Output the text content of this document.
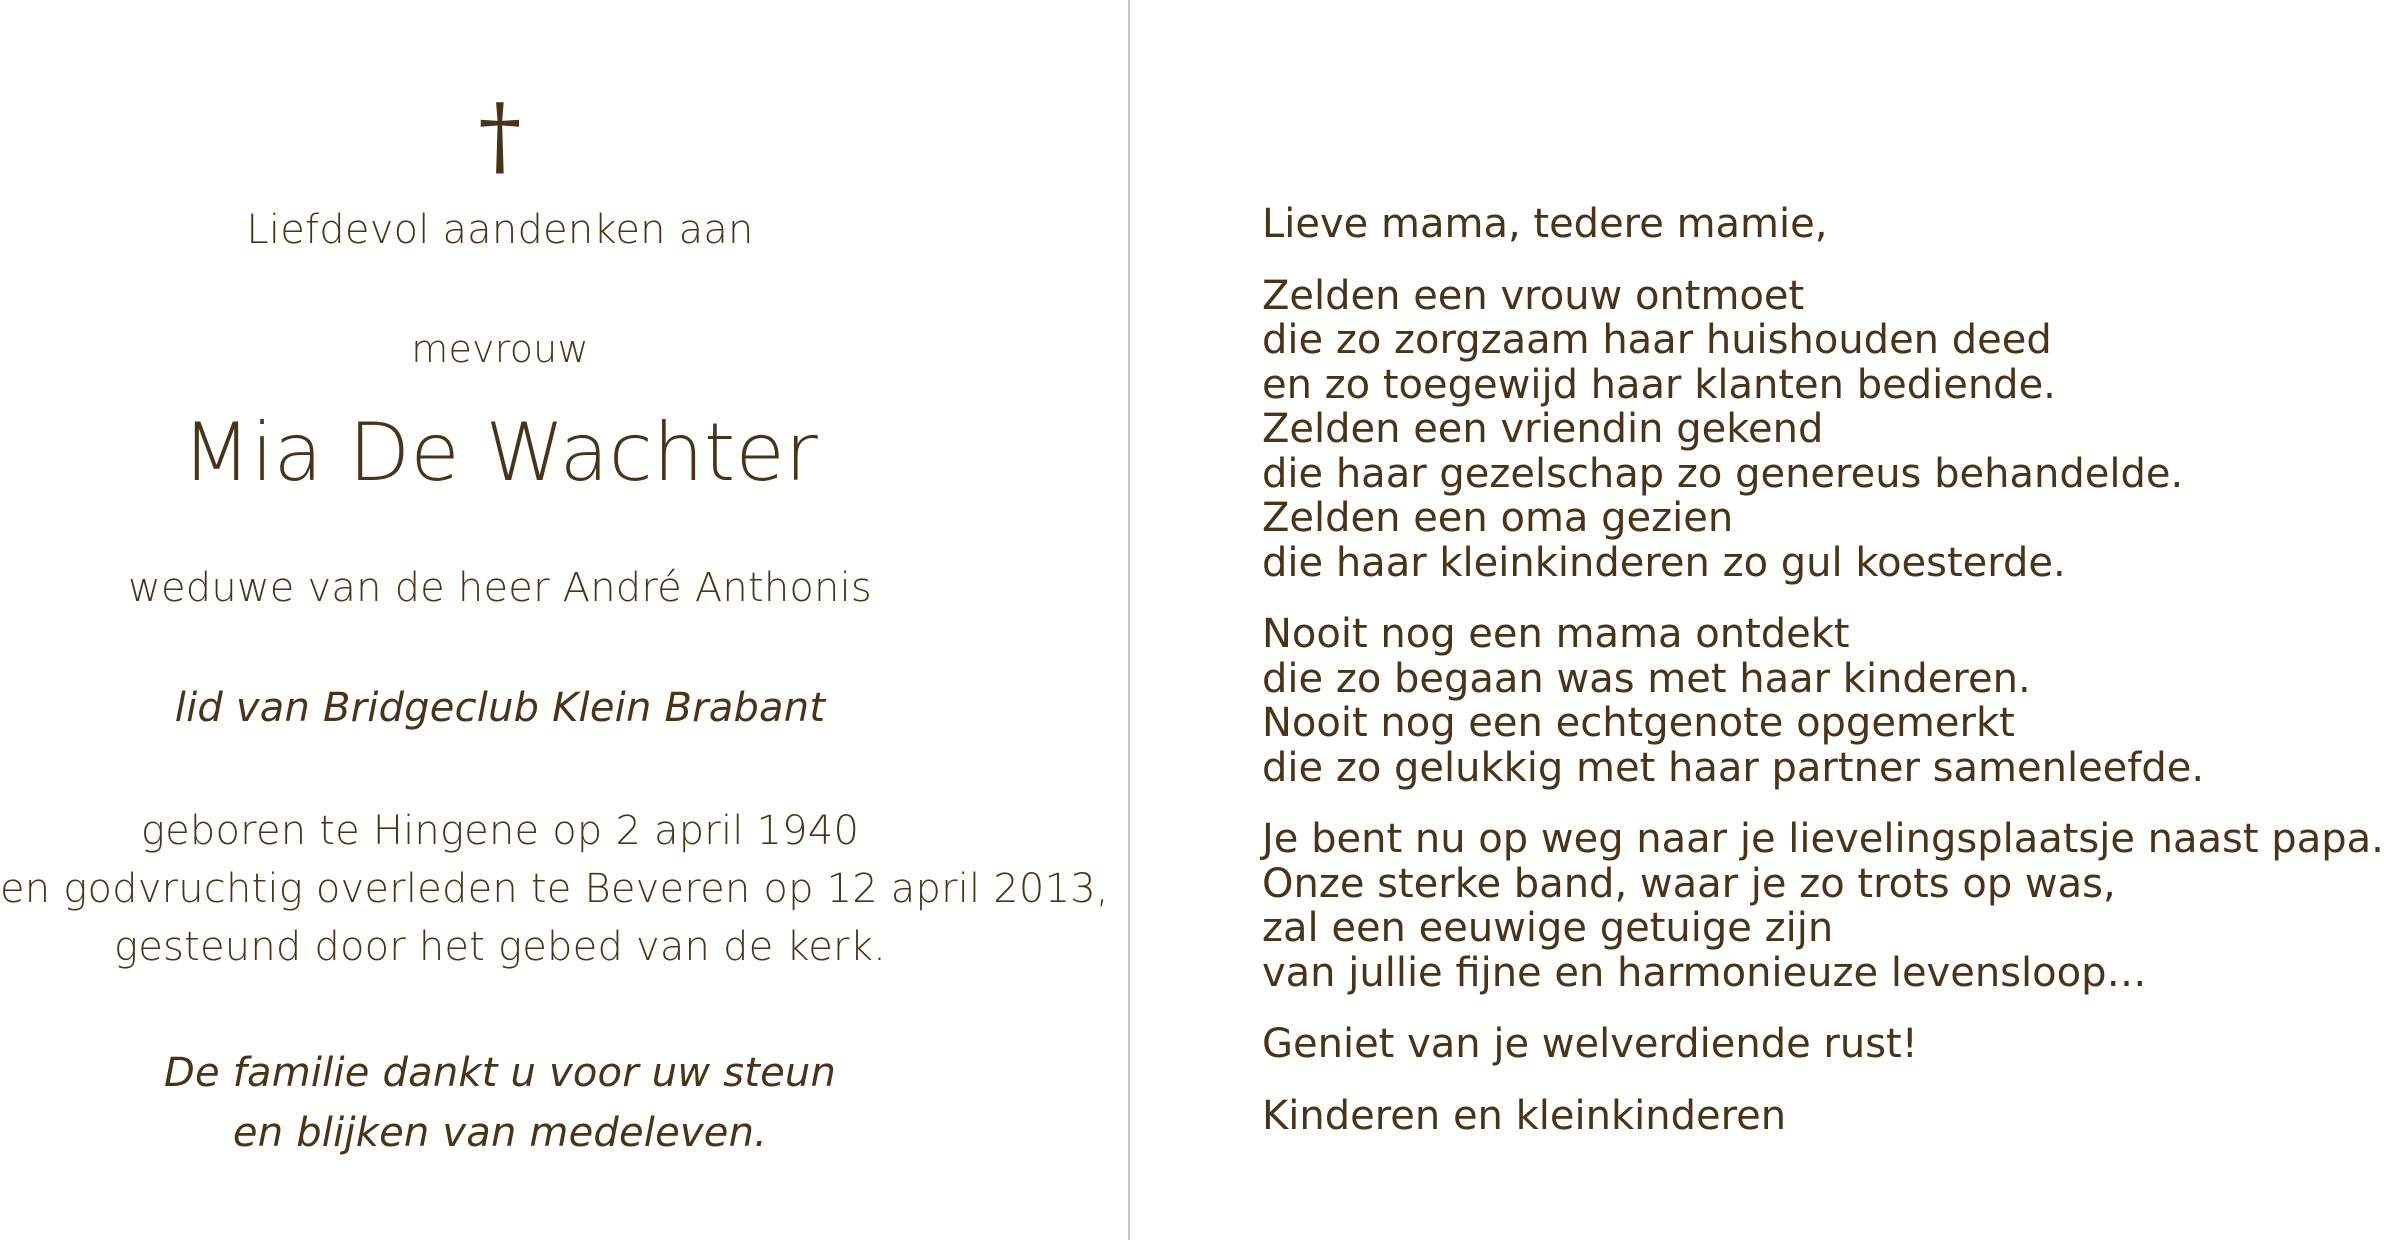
†
Liefdevol aandenken aan
mevrouw
Mia De Wachter
weduwe van de heer André Anthonis
lid van Bridgeclub Klein Brabant
geboren te Hingene op 2 april 1940
en godvruchtig overleden te Beveren op 12 april 2013,
gesteund door het gebed van de kerk.
De familie dankt u voor uw steun
en blijken van medeleven.
Lieve mama, tedere mamie,
Zelden een vrouw ontmoet
die zo zorgzaam haar huishouden deed
en zo toegewijd haar klanten bediende.
Zelden een vriendin gekend
die haar gezelschap zo genereus behandelde.
Zelden een oma gezien
die haar kleinkinderen zo gul koesterde.
Nooit nog een mama ontdekt
die zo begaan was met haar kinderen.
Nooit nog een echtgenote opgemerkt
die zo gelukkig met haar partner samenleefde.
Je bent nu op weg naar je lievelingsplaatsje naast papa.
Onze sterke band, waar je zo trots op was,
zal een eeuwige getuige zijn
van jullie fijne en harmonieuze levensloop…
Geniet van je welverdiende rust!
Kinderen en kleinkinderen
